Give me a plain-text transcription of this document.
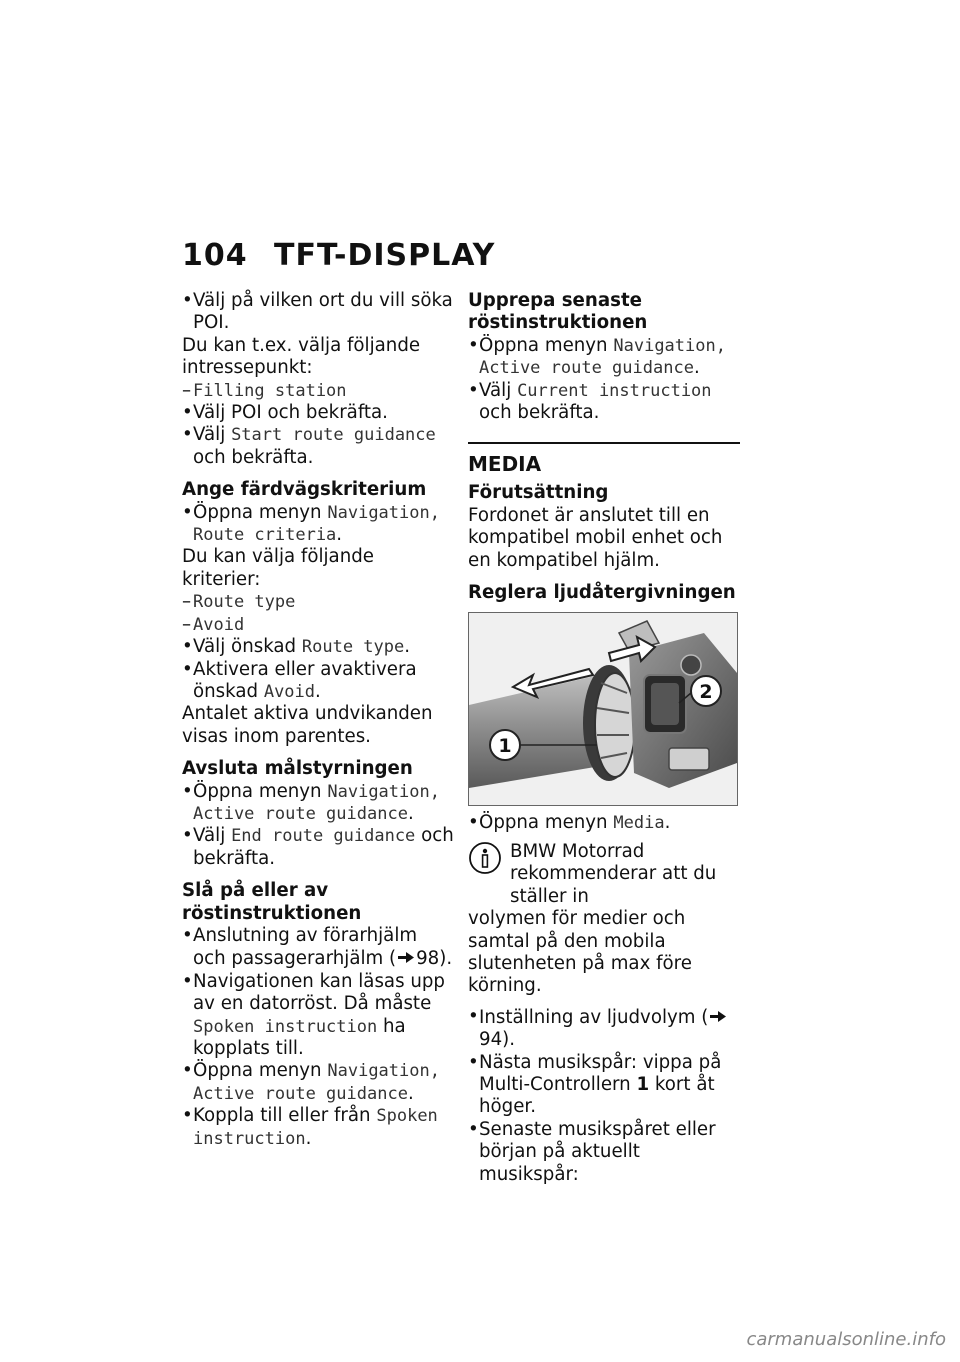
104 TFT-DISPLAY

• Välj på vilken ort du vill söka POI.

Du kan t.ex. välja följande intressepunkt:

– Filling station

• Välj POI och bekräfta.

• Välj Start route guidance och bekräfta.

Ange färdvägskriterium

• Öppna menyn Navigation, Route criteria.

Du kan välja följande kriterier:

– Route type

– Avoid

• Välj önskad Route type.

• Aktivera eller avaktivera önskad Avoid.

Antalet aktiva undvikanden visas inom parentes.

Avsluta målstyrningen

• Öppna menyn Navigation, Active route guidance.

• Välj End route guidance och bekräfta.

Slå på eller av röstinstruktionen

• Anslutning av förarhjälm och passagerarhjälm ( 98).

• Navigationen kan läsas upp av en datorröst. Då måste Spoken instruction ha kopplats till.

• Öppna menyn Navigation, Active route guidance.

• Koppla till eller från Spoken instruction.

Upprepa senaste röstinstruktionen

• Öppna menyn Navigation, Active route guidance.

• Välj Current instruction och bekräfta.

MEDIA
Förutsättning

Fordonet är anslutet till en kompatibel mobil enhet och en kompatibel hjälm.

Reglera ljudåtergivningen
1
2

• Öppna menyn Media.

BMW Motorrad rekommenderar att du ställer in

volymen för medier och samtal på den mobila slutenheten på max före körning.

• Inställning av ljudvolym (94).

• Nästa musikspår: vippa på Multi-Controllern 1 kort åt höger.

• Senaste musikspåret eller början på aktuellt musikspår:

carmanualsonline.info
